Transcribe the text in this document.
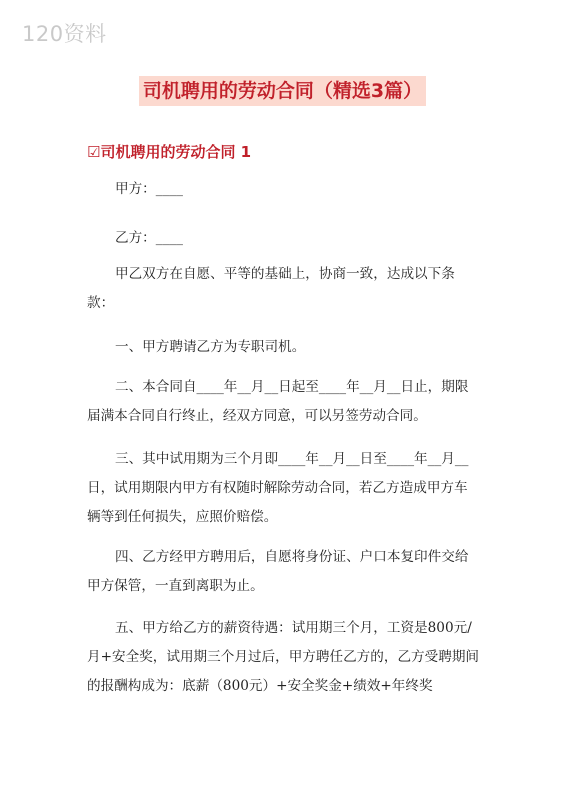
120资料
司机聘用的劳动合同（精选3篇）
☑司机聘用的劳动合同 1

甲方：____

乙方：____

甲乙双方在自愿、平等的基础上，协商一致，达成以下条款：

一、甲方聘请乙方为专职司机。

二、本合同自____年__月__日起至____年__月__日止，期限届满本合同自行终止，经双方同意，可以另签劳动合同。

三、其中试用期为三个月即____年__月__日至____年__月__日，试用期限内甲方有权随时解除劳动合同，若乙方造成甲方车辆等到任何损失，应照价赔偿。

四、乙方经甲方聘用后，自愿将身份证、户口本复印件交给甲方保管，一直到离职为止。

五、甲方给乙方的薪资待遇：试用期三个月，工资是800元/月+安全奖，试用期三个月过后，甲方聘任乙方的，乙方受聘期间的报酬构成为：底薪（800元）+安全奖金+绩效+年终奖
